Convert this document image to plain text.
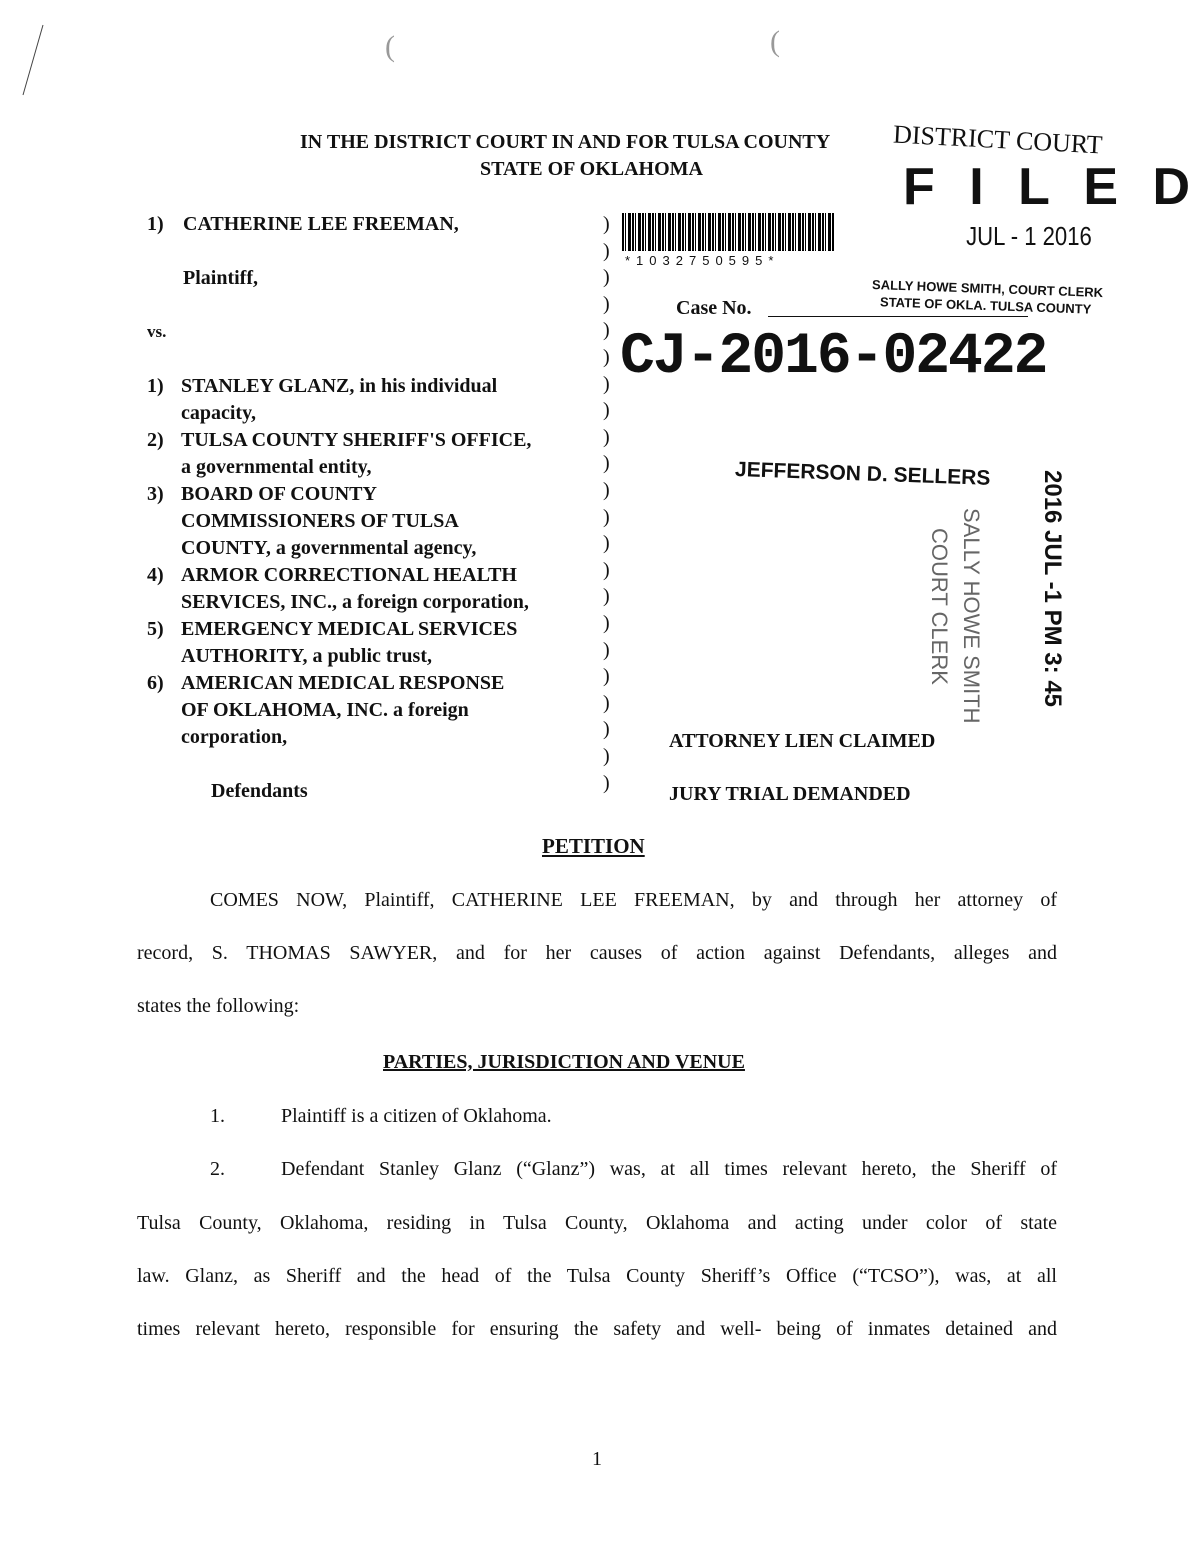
(	(
IN THE DISTRICT COURT IN AND FOR TULSA COUNTY
STATE OF OKLAHOMA
DISTRICT COURT
F I L E D
JUL - 1 2016
SALLY HOWE SMITH, COURT CLERK
STATE OF OKLA. TULSA COUNTY
*1032750595*
Case No.
CJ-2016-02422
JEFFERSON D. SELLERS
SALLY HOWE SMITH
COURT CLERK	2016 JUL -1 PM 3: 45
1) CATHERINE LEE FREEMAN,
Plaintiff,
vs.
1) STANLEY GLANZ, in his individual
capacity,
2) TULSA COUNTY SHERIFF'S OFFICE,
a governmental entity,
3) BOARD OF COUNTY
COMMISSIONERS OF TULSA
COUNTY, a governmental agency,
4) ARMOR CORRECTIONAL HEALTH
SERVICES, INC., a foreign corporation,
5) EMERGENCY MEDICAL SERVICES
AUTHORITY, a public trust,
6) AMERICAN MEDICAL RESPONSE
OF OKLAHOMA, INC. a foreign
corporation,
Defendants
)
)
)
)
)
)
)
)
)
)
)
)
)
)
)
)
)
)
)
)
)
)
ATTORNEY LIEN CLAIMED
JURY TRIAL DEMANDED
PETITION
COMES NOW, Plaintiff, CATHERINE LEE FREEMAN, by and through her attorney of
record, S. THOMAS SAWYER, and for her causes of action against Defendants, alleges and
states the following:
PARTIES, JURISDICTION AND VENUE
1.	Plaintiff is a citizen of Oklahoma.
2.	Defendant Stanley Glanz (“Glanz”) was, at all times relevant hereto, the Sheriff of
Tulsa County, Oklahoma, residing in Tulsa County, Oklahoma and acting under color of state
law. Glanz, as Sheriff and the head of the Tulsa County Sheriff’s Office (“TCSO”), was, at all
times relevant hereto, responsible for ensuring the safety and well- being of inmates detained and
1
